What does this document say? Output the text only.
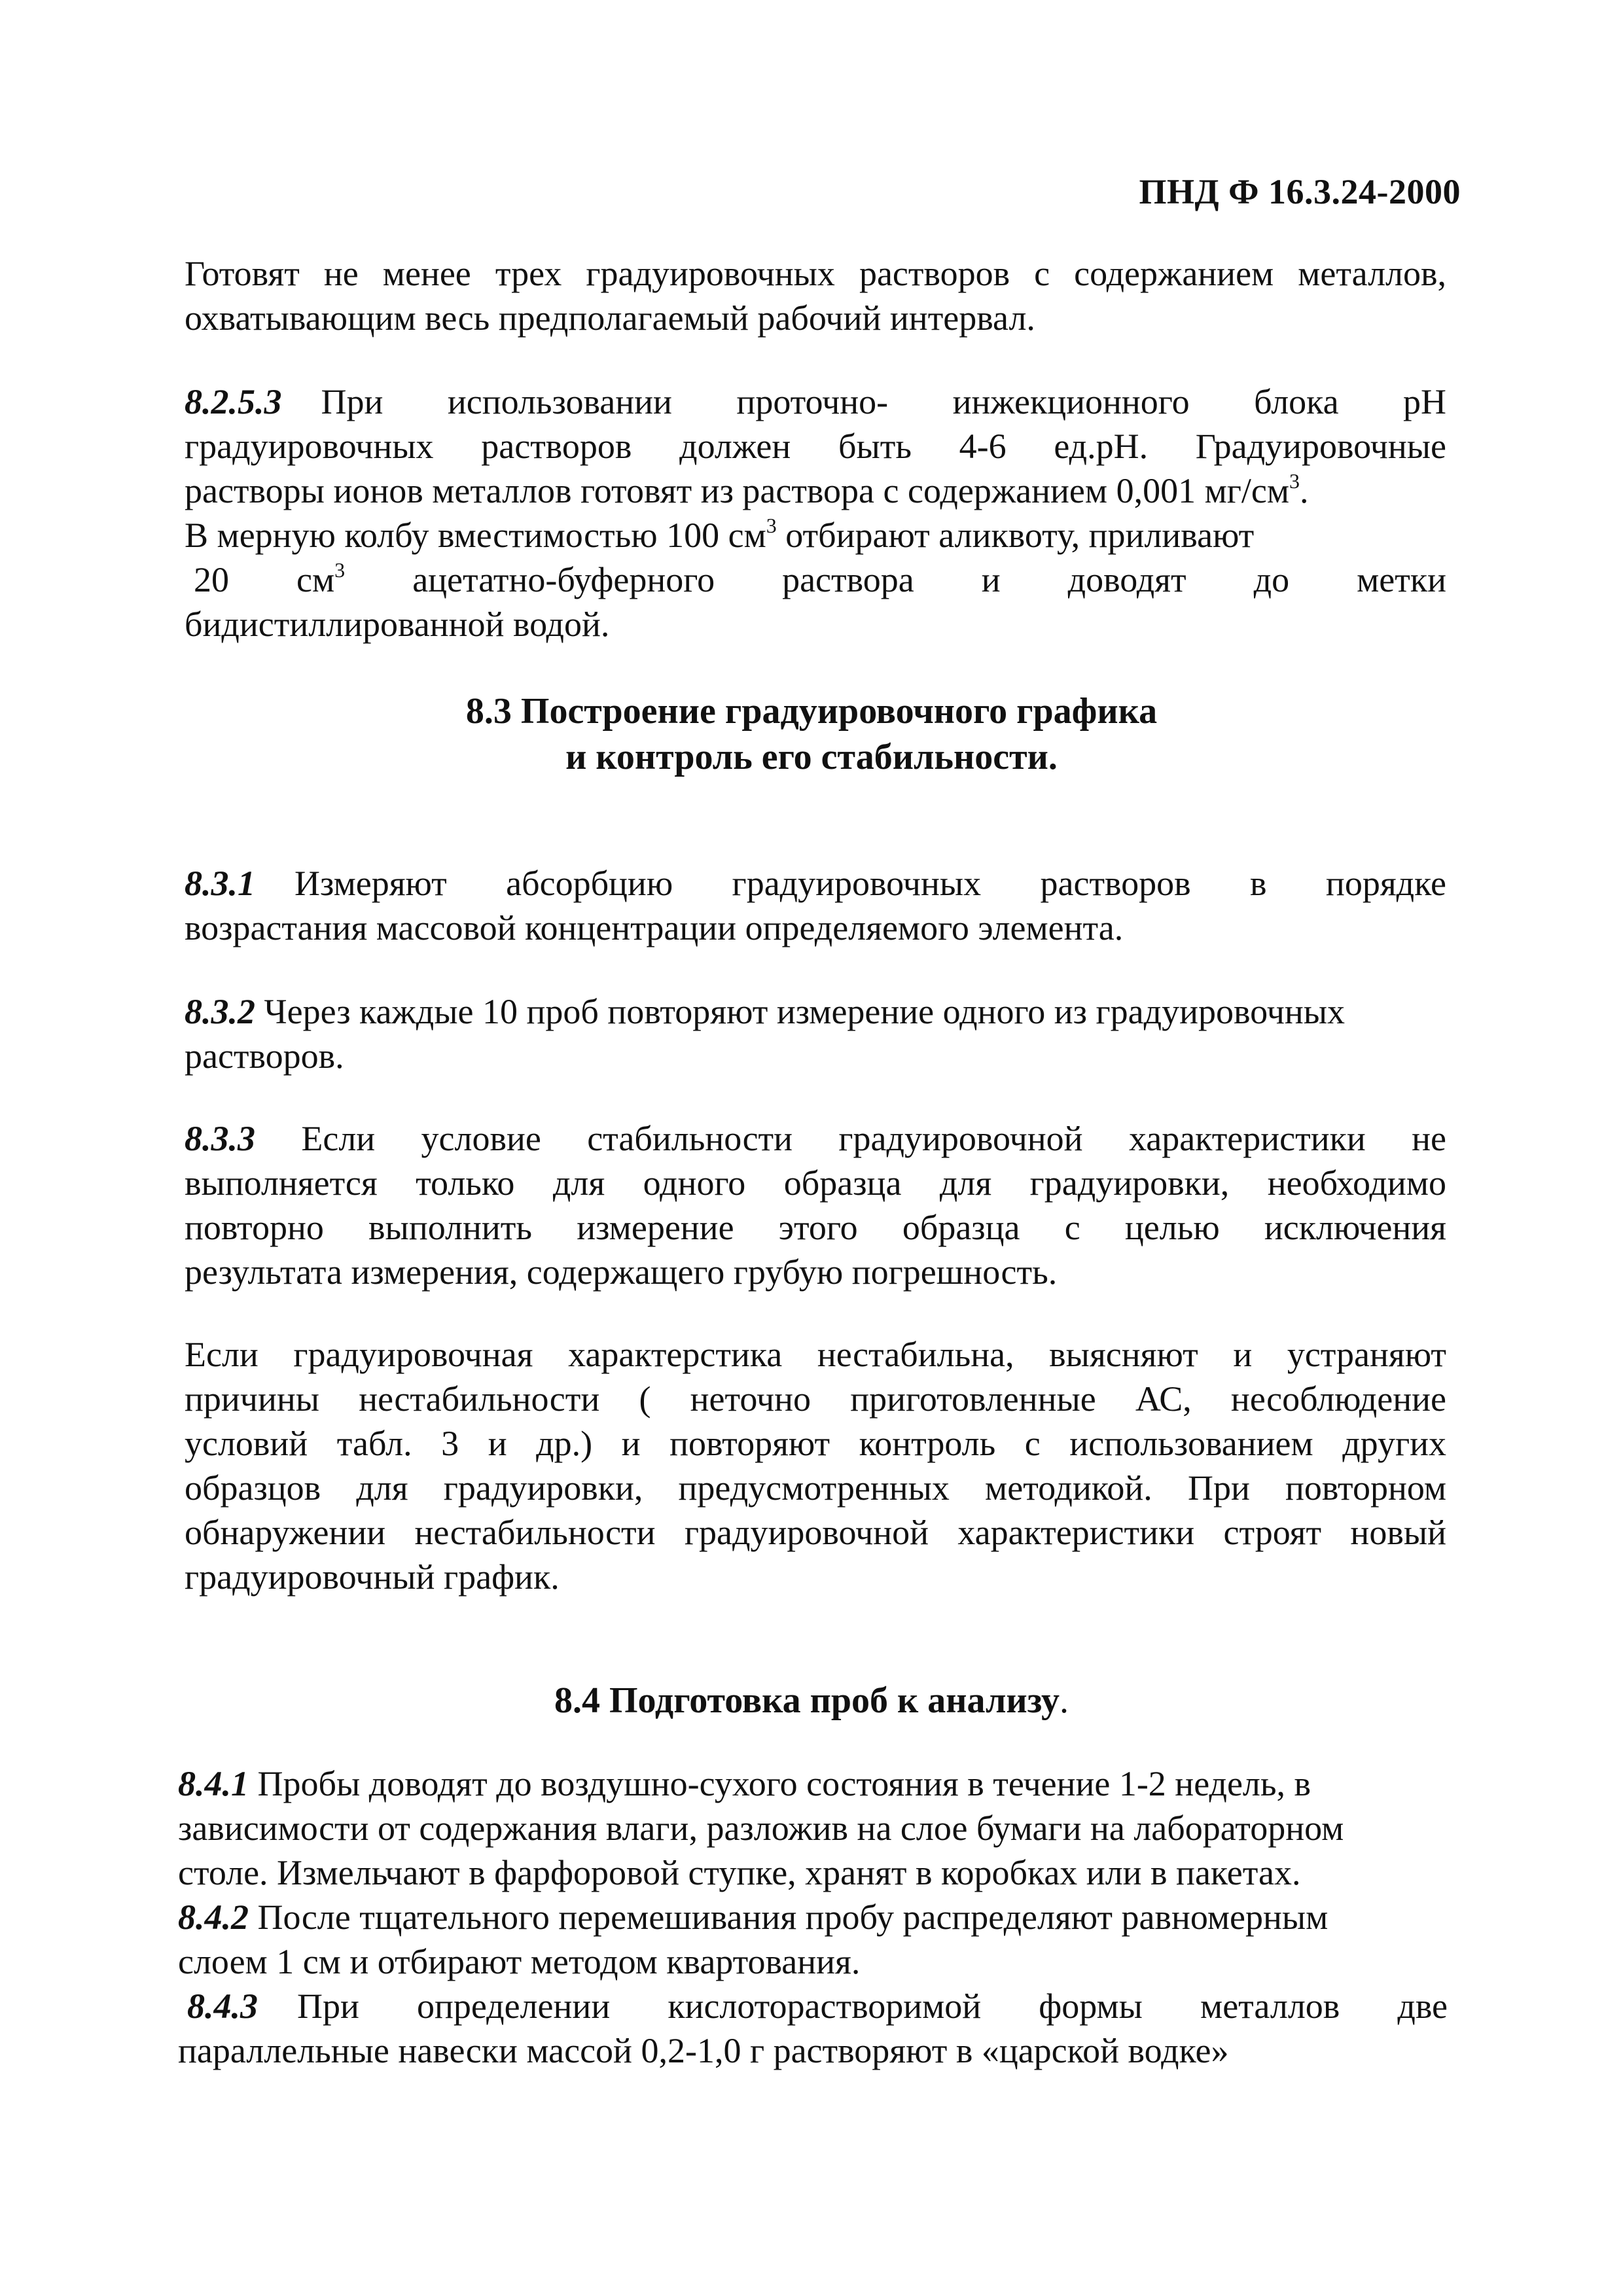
ПНД Ф 16.3.24-2000
Готовят не менее трех градуировочных растворов с содержанием металлов,
охватывающим весь предполагаемый рабочий интервал.
8.2.5.3 При использовании проточно- инжекционного блока рН
градуировочных растворов должен быть 4-6 ед.рН. Градуировочные
растворы ионов металлов готовят из раствора с содержанием 0,001 $мг/см^3$.
В мерную колбу вместимостью 100 $см^3$ отбирают аликвоту, приливают
20 $см^3$ ацетатно-буферного раствора и доводят до метки
бидистиллированной водой.
8.3 Построение градуировочного графика
и контроль его стабильности.
8.3.1 Измеряют абсорбцию градуировочных растворов в порядке
возрастания массовой концентрации определяемого элемента.
8.3.2 Через каждые 10 проб повторяют измерение одного из градуировочных
растворов.
8.3.3 Если условие стабильности градуировочной характеристики не
выполняется только для одного образца для градуировки, необходимо
повторно выполнить измерение этого образца с целью исключения
результата измерения, содержащего грубую погрешность.
Если градуировочная характерстика нестабильна, выясняют и устраняют
причины нестабильности ( неточно приготовленные АС, несоблюдение
условий табл. 3 и др.) и повторяют контроль с использованием других
образцов для градуировки, предусмотренных методикой. При повторном
обнаружении нестабильности градуировочной характеристики строят новый
градуировочный график.
8.4 Подготовка проб к анализу.
8.4.1 Пробы доводят до воздушно-сухого состояния в течение 1-2 недель, в
зависимости от содержания влаги, разложив на слое бумаги на лабораторном
столе. Измельчают в фарфоровой ступке, хранят в коробках или в пакетах.
8.4.2 После тщательного перемешивания пробу распределяют равномерным
слоем 1 см и отбирают методом квартования.
8.4.3 При определении кислоторастворимой формы металлов две
параллельные навески массой 0,2-1,0 г растворяют в «царской водке»
